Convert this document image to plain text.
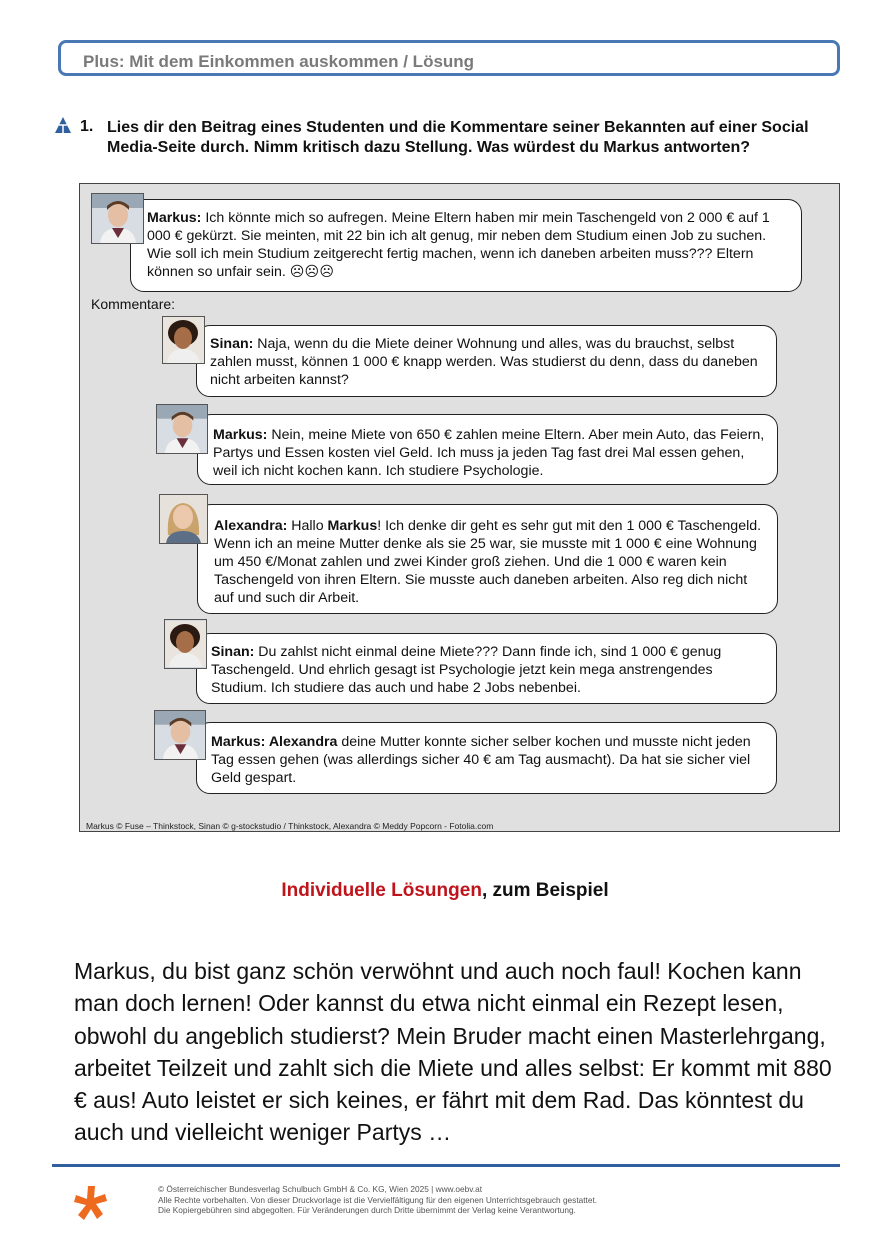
Plus: Mit dem Einkommen auskommen / Lösung
1. Lies dir den Beitrag eines Studenten und die Kommentare seiner Bekannten auf einer Social Media-Seite durch. Nimm kritisch dazu Stellung. Was würdest du Markus antworten?
Markus: Ich könnte mich so aufregen. Meine Eltern haben mir mein Taschengeld von 2 000 € auf 1 000 € gekürzt. Sie meinten, mit 22 bin ich alt genug, mir neben dem Studium einen Job zu suchen. Wie soll ich mein Studium zeitgerecht fertig machen, wenn ich daneben arbeiten muss??? Eltern können so unfair sein. ☹☹☹
Kommentare:
Sinan: Naja, wenn du die Miete deiner Wohnung und alles, was du brauchst, selbst zahlen musst, können 1 000 € knapp werden. Was studierst du denn, dass du daneben nicht arbeiten kannst?
Markus: Nein, meine Miete von 650 € zahlen meine Eltern. Aber mein Auto, das Feiern, Partys und Essen kosten viel Geld. Ich muss ja jeden Tag fast drei Mal essen gehen, weil ich nicht kochen kann. Ich studiere Psychologie.
Alexandra: Hallo Markus! Ich denke dir geht es sehr gut mit den 1 000 € Taschengeld. Wenn ich an meine Mutter denke als sie 25 war, sie musste mit 1 000 € eine Wohnung um 450 €/Monat zahlen und zwei Kinder groß ziehen. Und die 1 000 € waren kein Taschengeld von ihren Eltern. Sie musste auch daneben arbeiten. Also reg dich nicht auf und such dir Arbeit.
Sinan: Du zahlst nicht einmal deine Miete??? Dann finde ich, sind 1 000 € genug Taschengeld. Und ehrlich gesagt ist Psychologie jetzt kein mega anstrengendes Studium. Ich studiere das auch und habe 2 Jobs nebenbei.
Markus: Alexandra deine Mutter konnte sicher selber kochen und musste nicht jeden Tag essen gehen (was allerdings sicher 40 € am Tag ausmacht). Da hat sie sicher viel Geld gespart.
Markus © Fuse – Thinkstock, Sinan © g-stockstudio / Thinkstock, Alexandra © Meddy Popcorn - Fotolia.com
Individuelle Lösungen, zum Beispiel
Markus, du bist ganz schön verwöhnt und auch noch faul! Kochen kann man doch lernen! Oder kannst du etwa nicht einmal ein Rezept lesen, obwohl du angeblich studierst? Mein Bruder macht einen Masterlehrgang, arbeitet Teilzeit und zahlt sich die Miete und alles selbst: Er kommt mit 880 € aus! Auto leistet er sich keines, er fährt mit dem Rad. Das könntest du auch und vielleicht weniger Partys …
© Österreichischer Bundesverlag Schulbuch GmbH & Co. KG, Wien 2025 | www.oebv.at
Alle Rechte vorbehalten. Von dieser Druckvorlage ist die Vervielfältigung für den eigenen Unterrichtsgebrauch gestattet.
Die Kopiergebühren sind abgegolten. Für Veränderungen durch Dritte übernimmt der Verlag keine Verantwortung.
